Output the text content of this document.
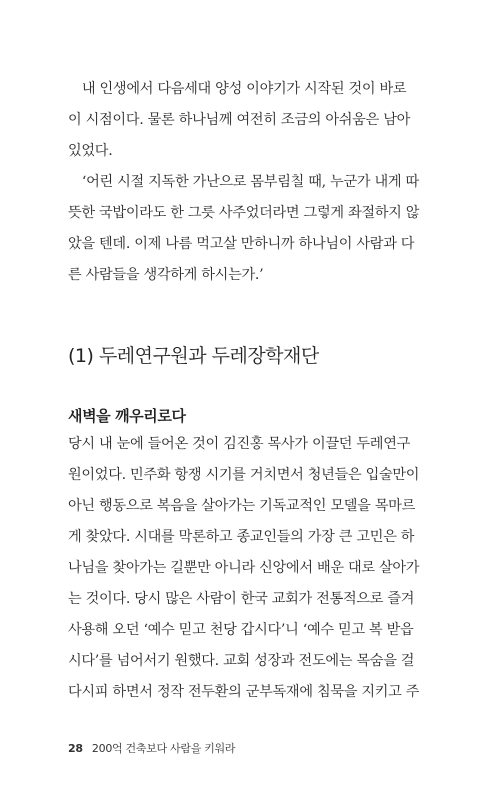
　내 인생에서 다음세대 양성 이야기가 시작된 것이 바로
이 시점이다. 물론 하나님께 여전히 조금의 아쉬움은 남아
있었다.

　‘어린 시절 지독한 가난으로 몸부림칠 때, 누군가 내게 따
뜻한 국밥이라도 한 그릇 사주었더라면 그렇게 좌절하지 않
았을 텐데. 이제 나름 먹고살 만하니까 하나님이 사람과 다
른 사람들을 생각하게 하시는가.’

(1) 두레연구원과 두레장학재단
새벽을 깨우리로다

당시 내 눈에 들어온 것이 김진홍 목사가 이끌던 두레연구
원이었다. 민주화 항쟁 시기를 거치면서 청년들은 입술만이
아닌 행동으로 복음을 살아가는 기독교적인 모델을 목마르
게 찾았다. 시대를 막론하고 종교인들의 가장 큰 고민은 하
나님을 찾아가는 길뿐만 아니라 신앙에서 배운 대로 살아가
는 것이다. 당시 많은 사람이 한국 교회가 전통적으로 즐겨
사용해 오던 ‘예수 믿고 천당 갑시다’니 ‘예수 믿고 복 받읍
시다’를 넘어서기 원했다. 교회 성장과 전도에는 목숨을 걸
다시피 하면서 정작 전두환의 군부독재에 침묵을 지키고 주

28 200억 건축보다 사람을 키워라
